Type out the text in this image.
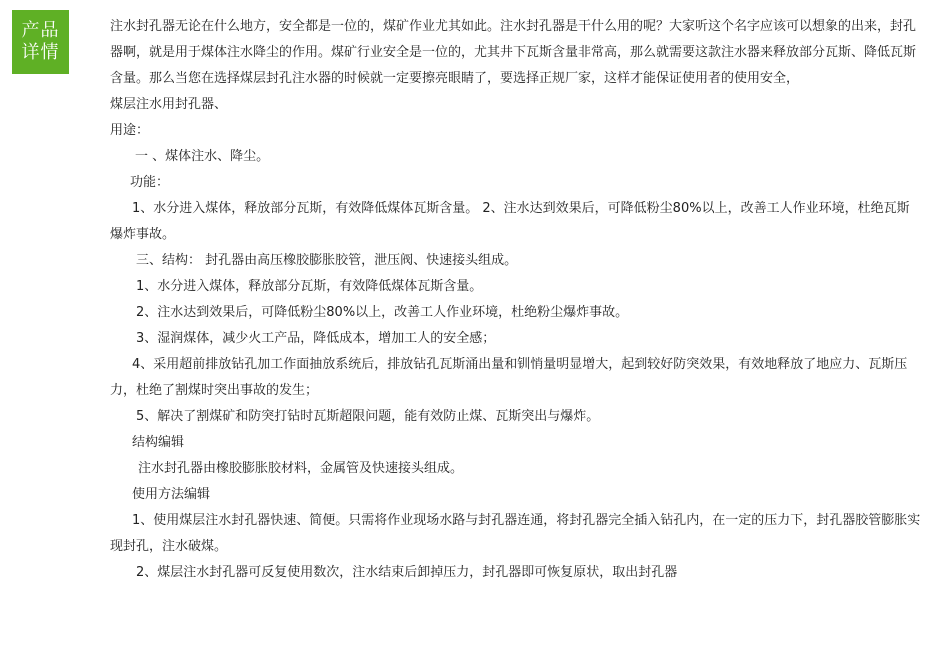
产品
详情

注水封孔器无论在什么地方，安全都是一位的，煤矿作业尤其如此。注水封孔器是干什么用的呢？大家听这个名字应该可以想象的出来，封孔器啊，就是用于煤体注水降尘的作用。煤矿行业安全是一位的，尤其井下瓦斯含量非常高，那么就需要这款注水器来释放部分瓦斯、降低瓦斯含量。那么当您在选择煤层封孔注水器的时候就一定要擦亮眼睛了，要选择正规厂家，这样才能保证使用者的使用安全，

煤层注水用封孔器、

用途：

一 、煤体注水、降尘。

功能：

1、水分进入煤体，释放部分瓦斯，有效降低煤体瓦斯含量。 2、注水达到效果后，可降低粉尘80%以上，改善工人作业环境，杜绝瓦斯爆炸事故。

三、结构： 封孔器由高压橡胶膨胀胶管，泄压阀、快速接头组成。

1、水分进入煤体，释放部分瓦斯，有效降低煤体瓦斯含量。

2、注水达到效果后，可降低粉尘80%以上，改善工人作业环境，杜绝粉尘爆炸事故。

3、湿润煤体，减少火工产品，降低成本，增加工人的安全感；

4、采用超前排放钻孔加工作面抽放系统后，排放钻孔瓦斯涌出量和钏悄量明显增大，起到较好防突效果，有效地释放了地应力、瓦斯压力，杜绝了割煤时突出事故的发生；

5、解决了割煤矿和防突打钻时瓦斯超限问题，能有效防止煤、瓦斯突出与爆炸。

结构编辑

注水封孔器由橡胶膨胀胶材料，金属管及快速接头组成。

使用方法编辑

1、使用煤层注水封孔器快速、简便。只需将作业现场水路与封孔器连通，将封孔器完全插入钻孔内，在一定的压力下，封孔器胶管膨胀实现封孔，注水破煤。

2、煤层注水封孔器可反复使用数次，注水结束后卸掉压力，封孔器即可恢复原状，取出封孔器
